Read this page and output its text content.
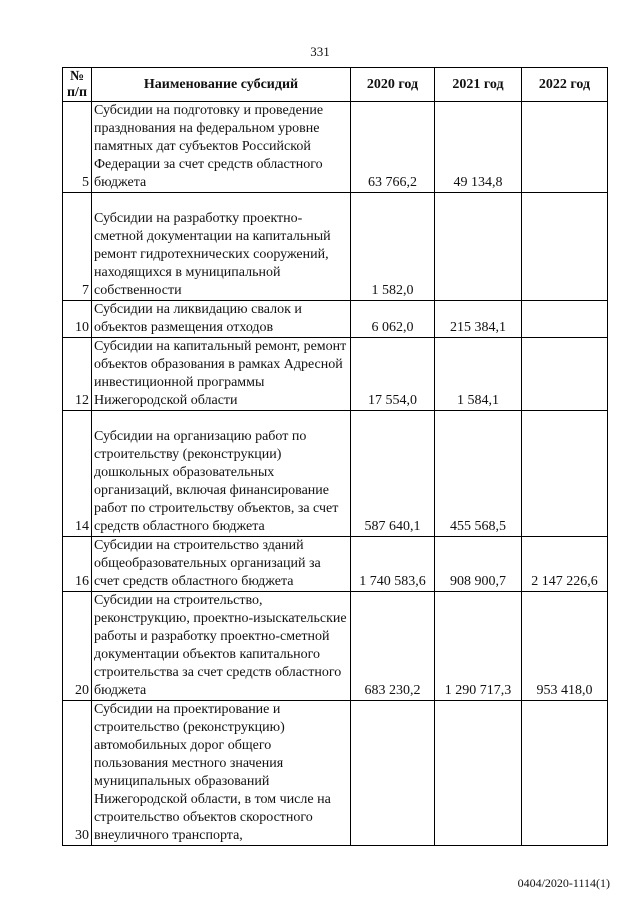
331
№ п/п	Наименование субсидий	2020 год	2021 год	2022 год
5	Субсидии на подготовку и проведение празднования на федеральном уровне памятных дат субъектов Российской Федерации за счет средств областного бюджета	63 766,2	49 134,8	
7	Субсидии на разработку проектно-сметной документации на капитальный ремонт гидротехнических сооружений, находящихся в муниципальной собственности	1 582,0		
10	Субсидии на ликвидацию свалок и объектов размещения отходов	6 062,0	215 384,1	
12	Субсидии на капитальный ремонт, ремонт объектов образования в рамках Адресной инвестиционной программы Нижегородской области	17 554,0	1 584,1	
14	Субсидии на организацию работ по строительству (реконструкции) дошкольных образовательных организаций, включая финансирование работ по строительству объектов, за счет средств областного бюджета	587 640,1	455 568,5	
16	Субсидии на строительство зданий общеобразовательных организаций за счет средств областного бюджета	1 740 583,6	908 900,7	2 147 226,6
20	Субсидии на строительство, реконструкцию, проектно-изыскательские работы и разработку проектно-сметной документации объектов капитального строительства за счет средств областного бюджета	683 230,2	1 290 717,3	953 418,0
30	Субсидии на проектирование и строительство (реконструкцию) автомобильных дорог общего пользования местного значения муниципальных образований Нижегородской области, в том числе на строительство объектов скоростного внеуличного транспорта,			
0404/2020-1114(1)
